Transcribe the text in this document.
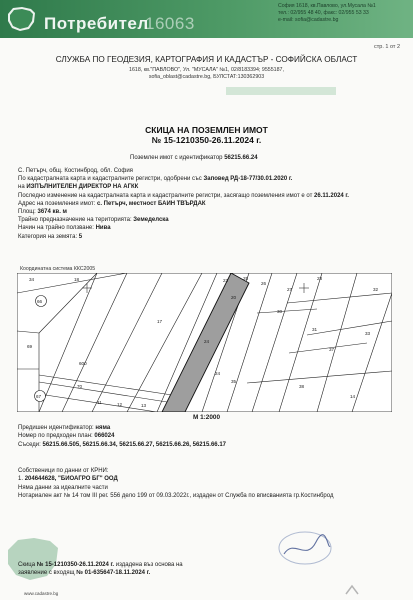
Потребител
16063
София 1618, кв.Павлово, ул.Мусала №1
тел.: 02/955 48 40, факс: 02/955 53 33
e-mail: sofia@cadastre.bg
стр. 1 от 2
СЛУЖБА ПО ГЕОДЕЗИЯ, КАРТОГРАФИЯ И КАДАСТЪР - СОФИЙСКА ОБЛАСТ
1618, кв."ПАВЛОВО", Ул. "МУСАЛА" №1, 02/8183394; 9555187,
sofia_oblast@cadastre.bg, БУЛСТАТ:130362903
СКИЦА НА ПОЗЕМЛЕН ИМОТ
№ 15-1210350-26.11.2024 г.
Поземлен имот с идентификатор 56215.66.24
С. Петърч, общ. Костинброд, обл. София
По кадастралната карта и кадастралните регистри, одобрени със Заповед РД-18-77/30.01.2020 г.
на ИЗПЪЛНИТЕЛЕН ДИРЕКТОР НА АГКК
Последно изменение на кадастралната карта и кадастралните регистри, засягащо поземления имот е от 26.11.2024 г.
Адрес на поземления имот: с. Петърч, местност БАИН ТВЪРДАК
Площ: 3674 кв. м
Трайно предназначение на територията: Земеделска
Начин на трайно ползване: Нива
Категория на земята: 5
Координатна система ККС2005
34	18
17
24
24
23
20
25
26
27
28
30
31
32
33
35
37
38
11	12	13
14
66
67
600
69
70
М 1:2000
Предишен идентификатор: няма
Номер по предходен план: 066024
Съседи: 56215.66.505, 56215.66.34, 56215.66.27, 56215.66.26, 56215.66.17
Собственици по данни от КРНИ:
1. 204644628, "БИОАГРО БГ" ООД
Няма данни за идеалните части
Нотариален акт № 14 том III рег. 556 дело 199 от 09.03.2022г., издаден от Служба по вписванията гр.Костинброд
Скица № 15-1210350-26.11.2024 г. издадена въз основа на
заявление с входящ № 01-635647-18.11.2024 г.
www.cadastre.bg
